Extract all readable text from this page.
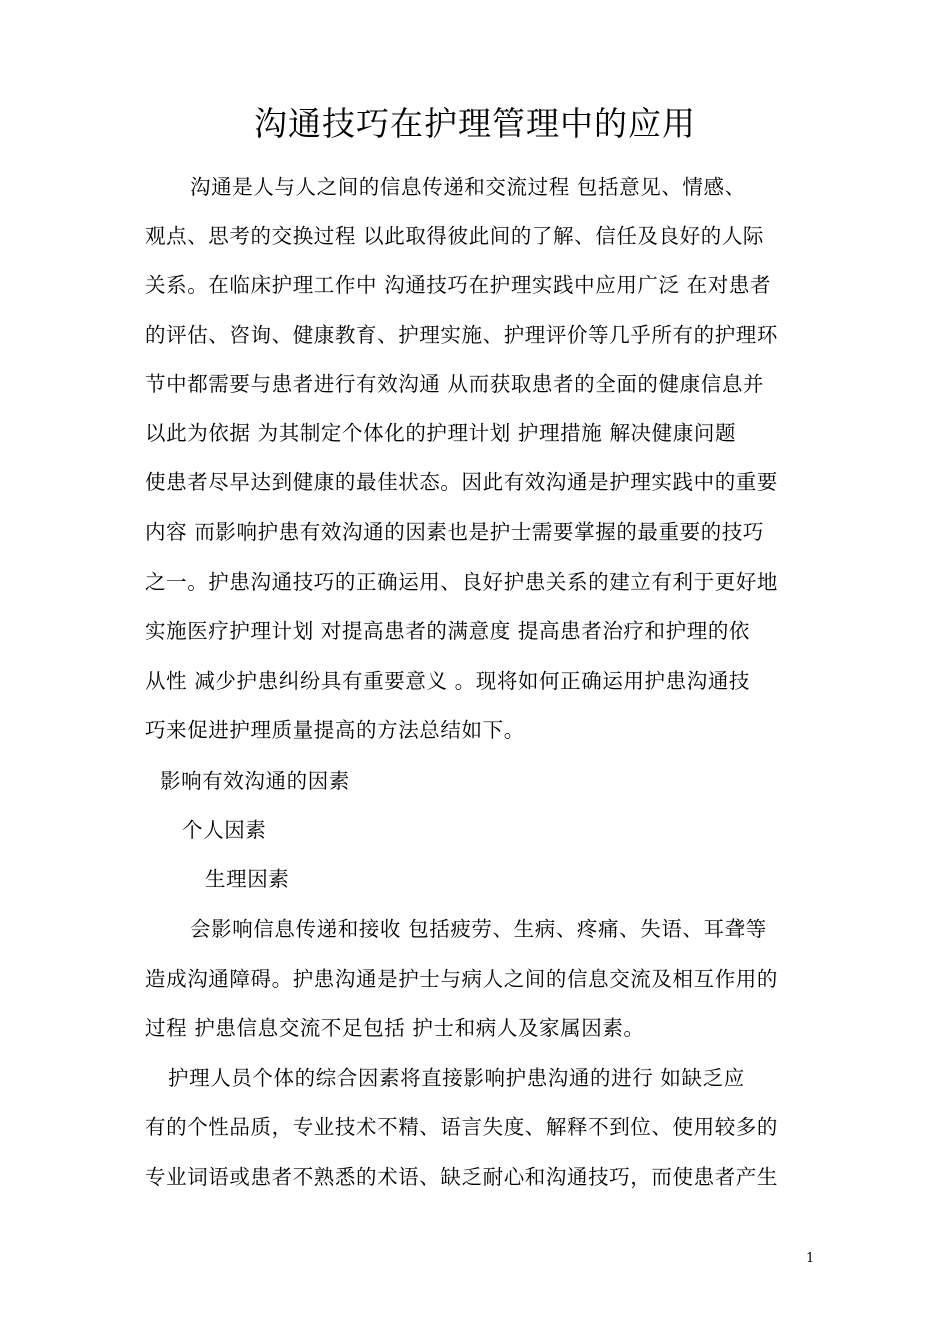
沟通技巧在护理管理中的应用
沟通是人与人之间的信息传递和交流过程 包括意见、情感、
观点、思考的交换过程 以此取得彼此间的了解、信任及良好的人际
关系。在临床护理工作中 沟通技巧在护理实践中应用广泛 在对患者
的评估、咨询、健康教育、护理实施、护理评价等几乎所有的护理环
节中都需要与患者进行有效沟通 从而获取患者的全面的健康信息并
以此为依据 为其制定个体化的护理计划 护理措施 解决健康问题
使患者尽早达到健康的最佳状态。因此有效沟通是护理实践中的重要
内容 而影响护患有效沟通的因素也是护士需要掌握的最重要的技巧
之一。护患沟通技巧的正确运用、良好护患关系的建立有利于更好地
实施医疗护理计划 对提高患者的满意度 提高患者治疗和护理的依
从性 减少护患纠纷具有重要意义 。现将如何正确运用护患沟通技
巧来促进护理质量提高的方法总结如下。
影响有效沟通的因素
个人因素
生理因素
会影响信息传递和接收 包括疲劳、生病、疼痛、失语、耳聋等
造成沟通障碍。护患沟通是护士与病人之间的信息交流及相互作用的
过程 护患信息交流不足包括 护士和病人及家属因素。
护理人员个体的综合因素将直接影响护患沟通的进行 如缺乏应
有的个性品质，专业技术不精、语言失度、解释不到位、使用较多的
专业词语或患者不熟悉的术语、缺乏耐心和沟通技巧，而使患者产生
1
